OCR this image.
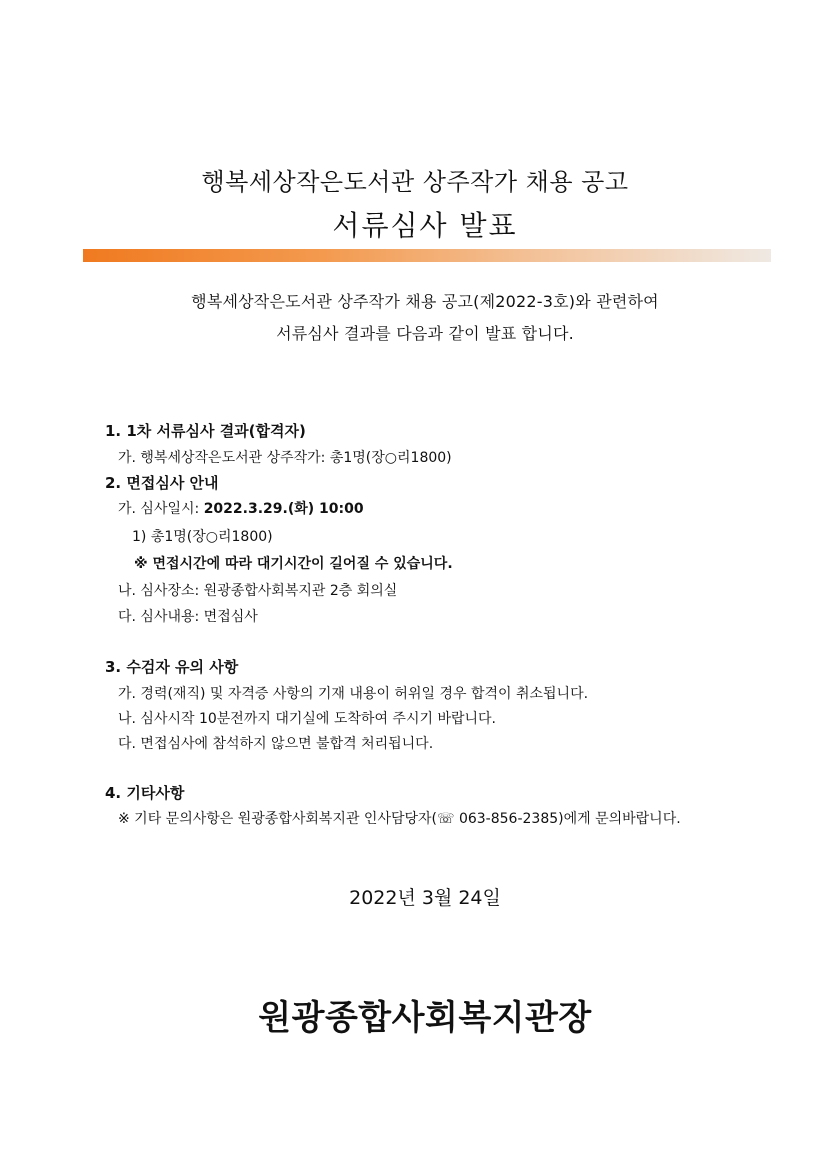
행복세상작은도서관 상주작가 채용 공고
서류심사 발표
행복세상작은도서관 상주작가 채용 공고(제2022-3호)와 관련하여
서류심사 결과를 다음과 같이 발표 합니다.
1. 1차 서류심사 결과(합격자)
가. 행복세상작은도서관 상주작가: 총1명(장○리1800)
2. 면접심사 안내
가. 심사일시: 2022.3.29.(화) 10:00
1) 총1명(장○리1800)
※ 면접시간에 따라 대기시간이 길어질 수 있습니다.
나. 심사장소: 원광종합사회복지관 2층 회의실
다. 심사내용: 면접심사
3. 수검자 유의 사항
가. 경력(재직) 및 자격증 사항의 기재 내용이 허위일 경우 합격이 취소됩니다.
나. 심사시작 10분전까지 대기실에 도착하여 주시기 바랍니다.
다. 면접심사에 참석하지 않으면 불합격 처리됩니다.
4. 기타사항
※ 기타 문의사항은 원광종합사회복지관 인사담당자(☏ 063-856-2385)에게 문의바랍니다.
2022년 3월 24일
원광종합사회복지관장
